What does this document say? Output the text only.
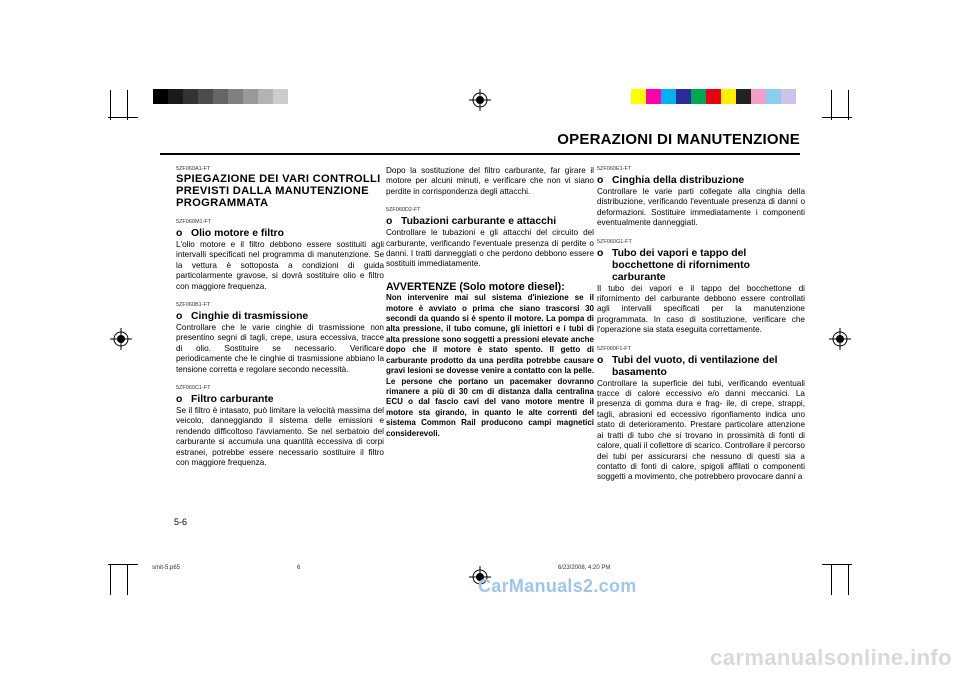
OPERAZIONI DI MANUTENZIONE
5ZF060A1-FT
SPIEGAZIONE DEI VARI CONTROLLI PREVISTI DALLA MANUTENZIONE PROGRAMMATA
5ZF060M1-FT
o Olio motore e filtro

L'olio motore e il filtro debbono essere sostituiti agli intervalli specificati nel programma di manutenzione. Se la vettura è sottoposta a condizioni di guida particolarmente gravose, si dovrà sostituire olio e filtro con maggiore frequenza.

5ZF060B1-FT
o Cinghie di trasmissione

Controllare che le varie cinghie di trasmissione non presentino segni di tagli, crepe, usura eccessiva, tracce di olio. Sostituire se necessario. Verificare periodicamente che le cinghie di trasmissione abbiano la tensione corretta e regolare secondo necessità.

5ZF060C1-FT
o Filtro carburante

Se il filtro è intasato, può limitare la velocità massima del veicolo, danneggiando il sistema delle emissioni e rendendo difficoltoso l'avviamento. Se nel serbatoio del carburante si accumula una quantità eccessiva di corpi estranei, potrebbe essere necessario sostituire il filtro con maggiore frequenza.

Dopo la sostituzione del filtro carburante, far girare il motore per alcuni minuti, e verificare che non vi siano perdite in corrispondenza degli attacchi.

5ZF060D2-FT
o Tubazioni carburante e attacchi

Controllare le tubazioni e gli attacchi del circuito del carburante, verificando l'eventuale presenza di perdite o danni. I tratti danneggiati o che perdono debbono essere sostituiti immediatamente.

AVVERTENZE (Solo motore diesel):

Non intervenire mai sul sistema d'iniezione se il motore è avviato o prima che siano trascorsi 30 secondi da quando si è spento il motore. La pompa di alta pressione, il tubo comune, gli iniettori e i tubi di alta pressione sono soggetti a pressioni elevate anche dopo che il motore è stato spento. Il getto di carburante prodotto da una perdita potrebbe causare gravi lesioni se dovesse venire a contatto con la pelle. Le persone che portano un pacemaker dovranno rimanere a più di 30 cm di distanza dalla centralina ECU o dal fascio cavi del vano motore mentre il motore sta girando, in quanto le alte correnti del sistema Common Rail producono campi magnetici considerevoli.

5ZF060E1-FT
o Cinghia della distribuzione

Controllare le varie parti collegate alla cinghia della distribuzione, verificando l'eventuale presenza di danni o deformazioni. Sostituire immediatamente i componenti eventualmente danneggiati.

5ZF060G1-FT
o Tubo dei vapori e tappo del
bocchettone di rifornimento
carburante

Il tubo dei vapori e il tappo del bocchettone di rifornimento del carburante debbono essere controllati agli intervalli specificati per la manutenzione programmata. In caso di sostituzione, verificare che l'operazione sia stata eseguita correttamente.

5ZF060F1-FT
o Tubi del vuoto, di ventilazione del
basamento

Controllare la superficie dei tubi, verificando eventuali tracce di calore eccessivo e/o danni meccanici. La presenza di gomma dura e frag- ile, di crepe, strappi, tagli, abrasioni ed eccessivo rigonfiamento indica uno stato di deterioramento. Prestare particolare attenzione ai tratti di tubo che si trovano in prossimità di fonti di calore, quali il collettore di scarico. Controllare il percorso dei tubi per assicurarsi che nessuno di questi sia a contatto di fonti di calore, spigoli affilati o componenti soggetti a movimento, che potrebbero provocare danni a

5-6
smit-5.p65	6	6/23/2008, 4:20 PM
CarManuals2.com
carmanualsonline.info
